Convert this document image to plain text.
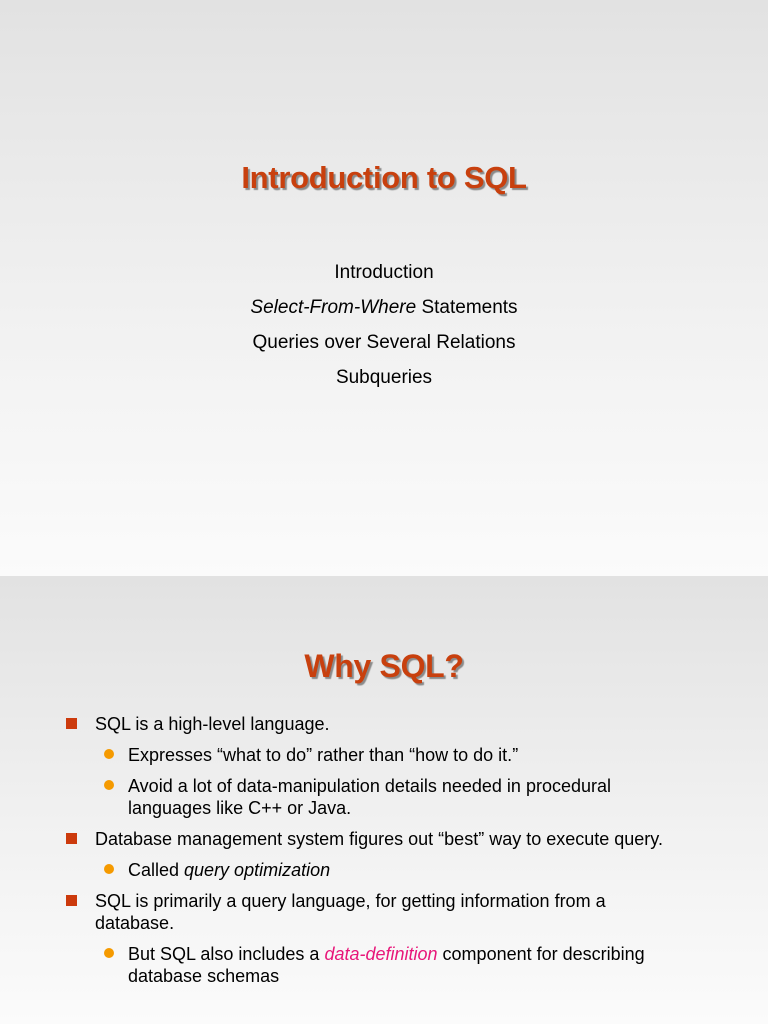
Introduction to SQL
Introduction
Select-From-Where Statements
Queries over Several Relations
Subqueries
Why SQL?
SQL is a high-level language.
Expresses “what to do” rather than “how to do it.”
Avoid a lot of data-manipulation details needed in procedural
languages like C++ or Java.
Database management system figures out “best” way to execute query.
Called query optimization
SQL is primarily a query language, for getting information from a
database.
But SQL also includes a data-definition component for describing
database schemas
